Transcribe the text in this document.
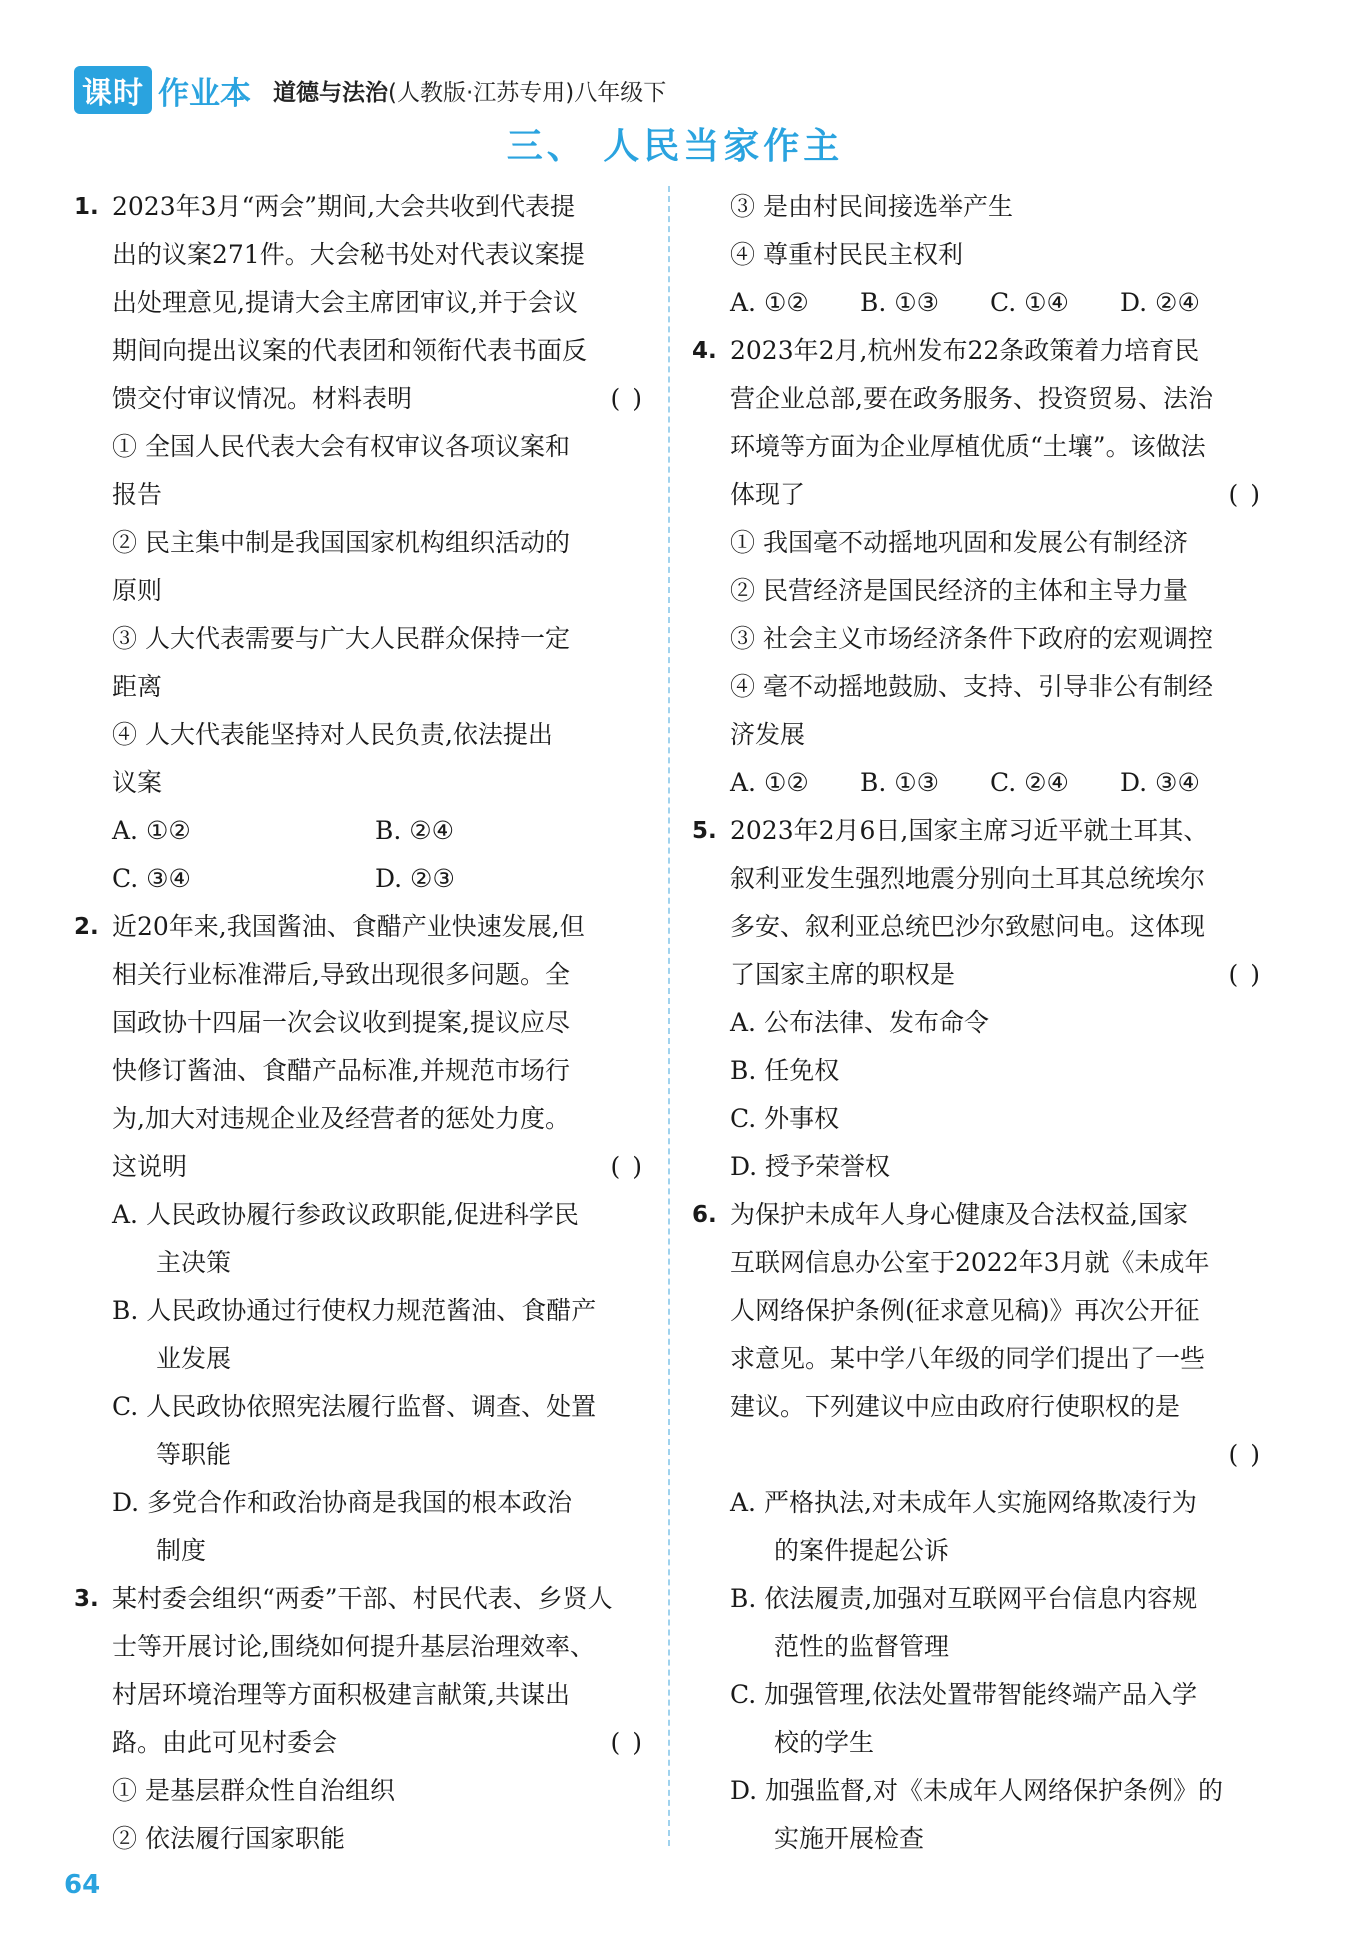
课时 作业本 道德与法治(人教版·江苏专用)八年级下
三、 人民当家作主
1. 2023年3月“两会”期间,大会共收到代表提
出的议案271件。大会秘书处对代表议案提
出处理意见,提请大会主席团审议,并于会议
期间向提出议案的代表团和领衔代表书面反
馈交付审议情况。材料表明	( )
① 全国人民代表大会有权审议各项议案和
报告
② 民主集中制是我国国家机构组织活动的
原则
③ 人大代表需要与广大人民群众保持一定
距离
④ 人大代表能坚持对人民负责,依法提出
议案
A. ①②	B. ②④
C. ③④	D. ②③
2. 近20年来,我国酱油、食醋产业快速发展,但
相关行业标准滞后,导致出现很多问题。全
国政协十四届一次会议收到提案,提议应尽
快修订酱油、食醋产品标准,并规范市场行
为,加大对违规企业及经营者的惩处力度。
这说明	( )
A. 人民政协履行参政议政职能,促进科学民
主决策
B. 人民政协通过行使权力规范酱油、食醋产
业发展
C. 人民政协依照宪法履行监督、调查、处置
等职能
D. 多党合作和政治协商是我国的根本政治
制度
3. 某村委会组织“两委”干部、村民代表、乡贤人
士等开展讨论,围绕如何提升基层治理效率、
村居环境治理等方面积极建言献策,共谋出
路。由此可见村委会	( )
① 是基层群众性自治组织
② 依法履行国家职能
③ 是由村民间接选举产生
④ 尊重村民民主权利
A. ①②	B. ①③	C. ①④	D. ②④
4. 2023年2月,杭州发布22条政策着力培育民
营企业总部,要在政务服务、投资贸易、法治
环境等方面为企业厚植优质“土壤”。该做法
体现了	( )
① 我国毫不动摇地巩固和发展公有制经济
② 民营经济是国民经济的主体和主导力量
③ 社会主义市场经济条件下政府的宏观调控
④ 毫不动摇地鼓励、支持、引导非公有制经
济发展
A. ①②	B. ①③	C. ②④	D. ③④
5. 2023年2月6日,国家主席习近平就土耳其、
叙利亚发生强烈地震分别向土耳其总统埃尔
多安、叙利亚总统巴沙尔致慰问电。这体现
了国家主席的职权是	( )
A. 公布法律、发布命令
B. 任免权
C. 外事权
D. 授予荣誉权
6. 为保护未成年人身心健康及合法权益,国家
互联网信息办公室于2022年3月就《未成年
人网络保护条例(征求意见稿)》再次公开征
求意见。某中学八年级的同学们提出了一些
建议。下列建议中应由政府行使职权的是
( )
A. 严格执法,对未成年人实施网络欺凌行为
的案件提起公诉
B. 依法履责,加强对互联网平台信息内容规
范性的监督管理
C. 加强管理,依法处置带智能终端产品入学
校的学生
D. 加强监督,对《未成年人网络保护条例》的
实施开展检查
64
